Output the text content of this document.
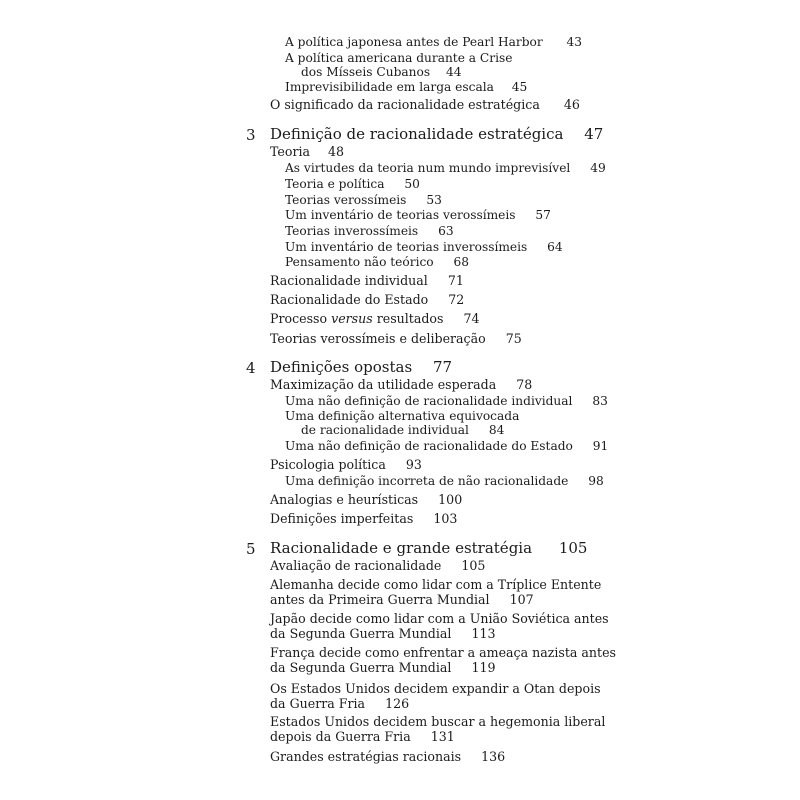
A política japonesa antes de Pearl Harbor 43
A política americana durante a Crise
dos Mísseis Cubanos 44
Imprevisibilidade em larga escala 45
O significado da racionalidade estratégica 46
3 Definição de racionalidade estratégica 47
Teoria 48
As virtudes da teoria num mundo imprevisível 49
Teoria e política 50
Teorias verossímeis 53
Um inventário de teorias verossímeis 57
Teorias inverossímeis 63
Um inventário de teorias inverossímeis 64
Pensamento não teórico 68
Racionalidade individual 71
Racionalidade do Estado 72
Processo versus resultados 74
Teorias verossímeis e deliberação 75
4 Definições opostas 77
Maximização da utilidade esperada 78
Uma não definição de racionalidade individual 83
Uma definição alternativa equivocada
de racionalidade individual 84
Uma não definição de racionalidade do Estado 91
Psicologia política 93
Uma definição incorreta de não racionalidade 98
Analogias e heurísticas 100
Definições imperfeitas 103
5 Racionalidade e grande estratégia 105
Avaliação de racionalidade 105
Alemanha decide como lidar com a Tríplice Entente
antes da Primeira Guerra Mundial 107
Japão decide como lidar com a União Soviética antes
da Segunda Guerra Mundial 113
França decide como enfrentar a ameaça nazista antes
da Segunda Guerra Mundial 119
Os Estados Unidos decidem expandir a Otan depois
da Guerra Fria 126
Estados Unidos decidem buscar a hegemonia liberal
depois da Guerra Fria 131
Grandes estratégias racionais 136
